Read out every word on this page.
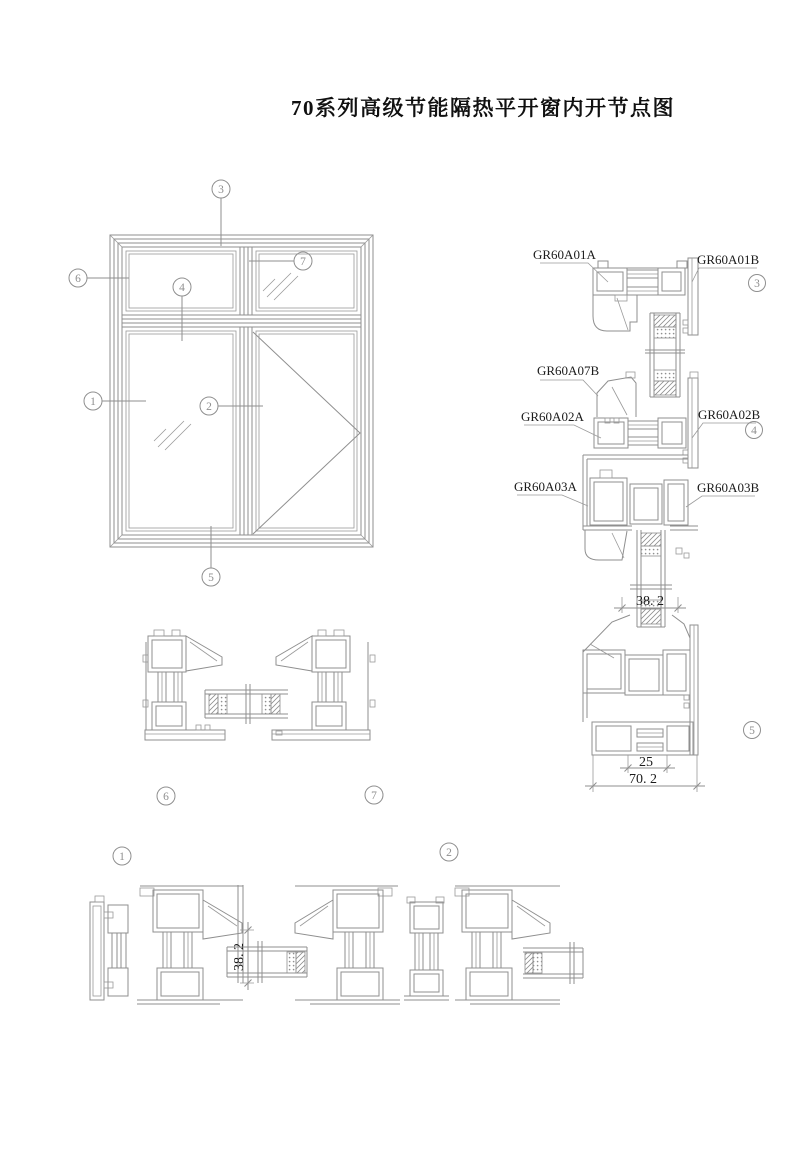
70系列高级节能隔热平开窗内开节点图
3
7
6
4
1	2
5
GR60A01A	GR60A01B
3
GR60A07B
GR60A02A	GR60A02B
GR60A03A	GR60A03B
4
38. 2
25
70. 2
5
6	7
38. 2
1	2
